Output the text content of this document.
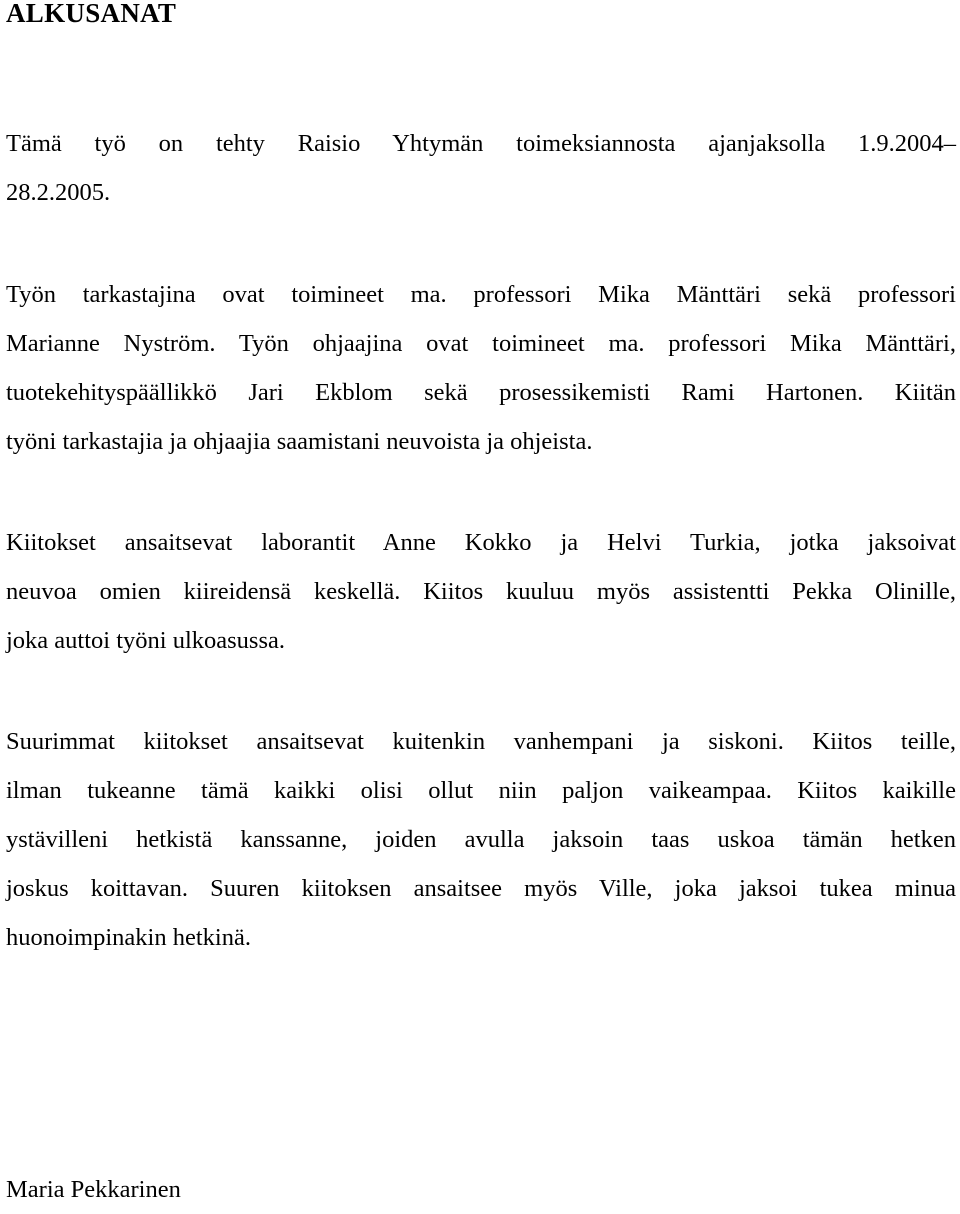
ALKUSANAT

Tämä työ on tehty Raisio Yhtymän toimeksiannosta ajanjaksolla 1.9.2004–
28.2.2005.

Työn tarkastajina ovat toimineet ma. professori Mika Mänttäri sekä professori
Marianne Nyström. Työn ohjaajina ovat toimineet ma. professori Mika Mänttäri,
tuotekehityspäällikkö Jari Ekblom sekä prosessikemisti Rami Hartonen. Kiitän
työni tarkastajia ja ohjaajia saamistani neuvoista ja ohjeista.

Kiitokset ansaitsevat laborantit Anne Kokko ja Helvi Turkia, jotka jaksoivat
neuvoa omien kiireidensä keskellä. Kiitos kuuluu myös assistentti Pekka Olinille,
joka auttoi työni ulkoasussa.

Suurimmat kiitokset ansaitsevat kuitenkin vanhempani ja siskoni. Kiitos teille,
ilman tukeanne tämä kaikki olisi ollut niin paljon vaikeampaa. Kiitos kaikille
ystävilleni hetkistä kanssanne, joiden avulla jaksoin taas uskoa tämän hetken
joskus koittavan. Suuren kiitoksen ansaitsee myös Ville, joka jaksoi tukea minua
huonoimpinakin hetkinä.

Maria Pekkarinen
